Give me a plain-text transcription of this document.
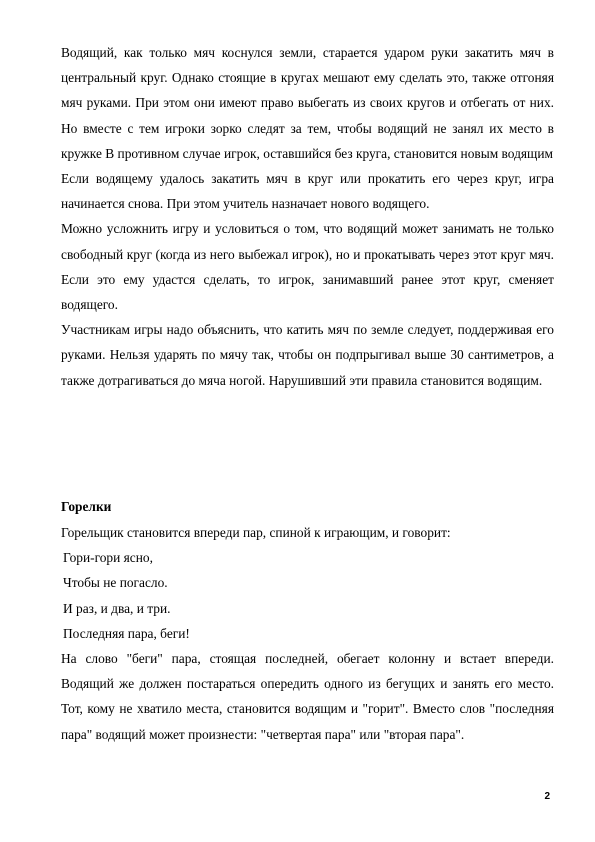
Водящий, как только мяч коснулся земли, старается ударом руки закатить мяч в центральный круг. Однако стоящие в кругах мешают ему сделать это, также отгоняя мяч руками. При этом они имеют право выбегать из своих кругов и отбегать от них. Но вместе с тем игроки зорко следят за тем, чтобы водящий не занял их место в кружке В противном случае игрок, оставшийся без круга, становится новым водящим

Если водящему удалось закатить мяч в круг или прокатить его через круг, игра начинается снова. При этом учитель назначает нового водящего.

Можно усложнить игру и условиться о том, что водящий может занимать не только свободный круг (когда из него выбежал игрок), но и прокатывать через этот круг мяч. Если это ему удастся сделать, то игрок, занимавший ранее этот круг, сменяет водящего.

Участникам игры надо объяснить, что катить мяч по земле следует, поддерживая его руками. Нельзя ударять по мячу так, чтобы он подпрыгивал выше 30 сантиметров, а также дотрагиваться до мяча ногой. Нарушивший эти правила становится водящим.

Горелки

Горельщик становится впереди пар, спиной к играющим, и говорит:

Гори-гори ясно,

Чтобы не погасло.

И раз, и два, и три.

Последняя пара, беги!

На слово "беги" пара, стоящая последней, обегает колонну и встает впереди. Водящий же должен постараться опередить одного из бегущих и занять его место. Тот, кому не хватило места, становится водящим и "горит". Вместо слов "последняя пара" водящий может произнести: "четвертая пара" или "вторая пара".

2
